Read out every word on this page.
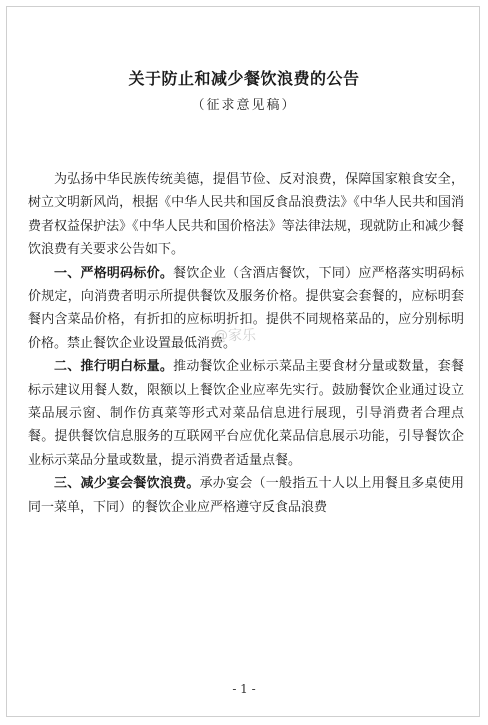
关于防止和减少餐饮浪费的公告
（征求意见稿）

为弘扬中华民族传统美德，提倡节俭、反对浪费，保障国家粮食安全，树立文明新风尚，根据《中华人民共和国反食品浪费法》《中华人民共和国消费者权益保护法》《中华人民共和国价格法》等法律法规，现就防止和减少餐饮浪费有关要求公告如下。

一、严格明码标价。餐饮企业（含酒店餐饮，下同）应严格落实明码标价规定，向消费者明示所提供餐饮及服务价格。提供宴会套餐的，应标明套餐内含菜品价格，有折扣的应标明折扣。提供不同规格菜品的，应分别标明价格。禁止餐饮企业设置最低消费。

二、推行明白标量。推动餐饮企业标示菜品主要食材分量或数量，套餐标示建议用餐人数，限额以上餐饮企业应率先实行。鼓励餐饮企业通过设立菜品展示窗、制作仿真菜等形式对菜品信息进行展现，引导消费者合理点餐。提供餐饮信息服务的互联网平台应优化菜品信息展示功能，引导餐饮企业标示菜品分量或数量，提示消费者适量点餐。

三、减少宴会餐饮浪费。承办宴会（一般指五十人以上用餐且多桌使用同一菜单，下同）的餐饮企业应严格遵守反食品浪费

@家乐
- 1 -
